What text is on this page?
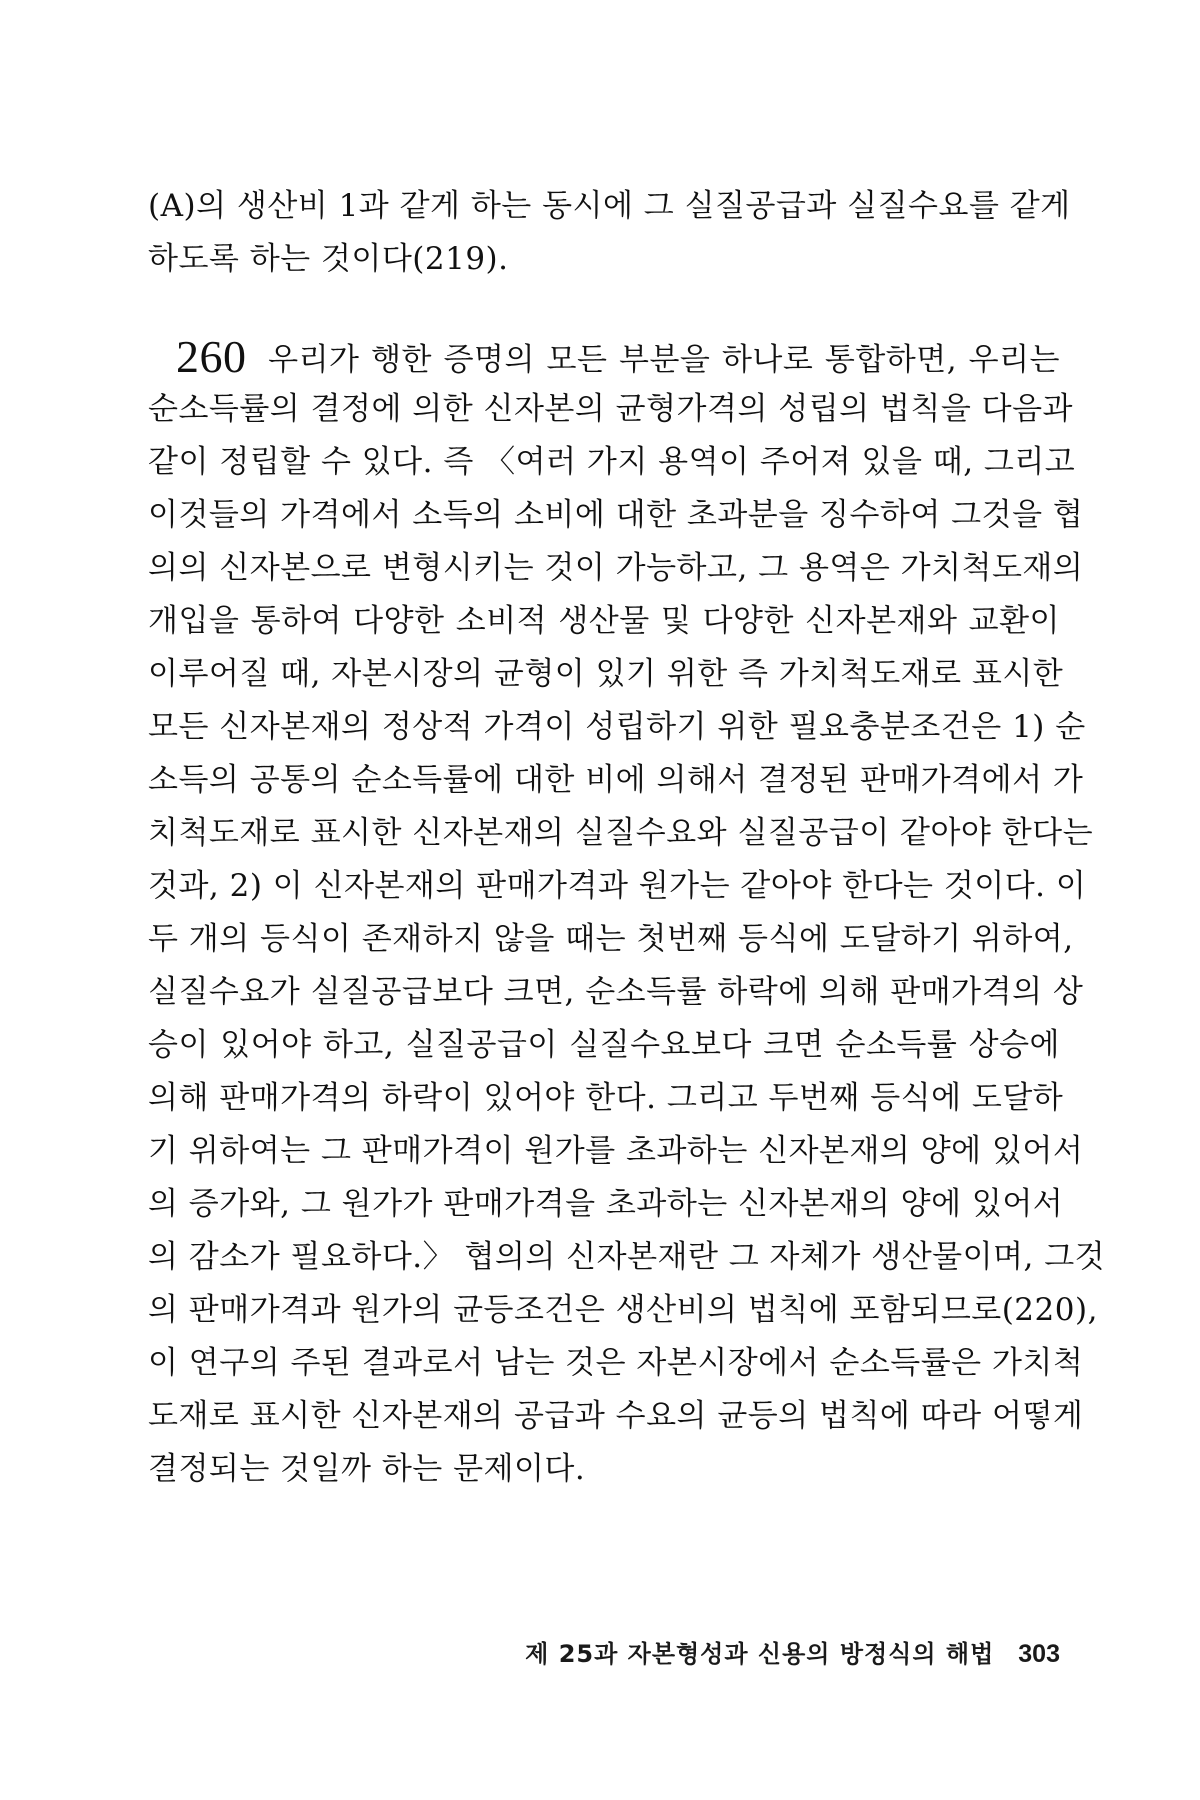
(A)의 생산비 1과 같게 하는 동시에 그 실질공급과 실질수요를 같게
하도록 하는 것이다(219).
260 우리가 행한 증명의 모든 부분을 하나로 통합하면, 우리는
순소득률의 결정에 의한 신자본의 균형가격의 성립의 법칙을 다음과
같이 정립할 수 있다. 즉 〈여러 가지 용역이 주어져 있을 때, 그리고
이것들의 가격에서 소득의 소비에 대한 초과분을 징수하여 그것을 협
의의 신자본으로 변형시키는 것이 가능하고, 그 용역은 가치척도재의
개입을 통하여 다양한 소비적 생산물 및 다양한 신자본재와 교환이
이루어질 때, 자본시장의 균형이 있기 위한 즉 가치척도재로 표시한
모든 신자본재의 정상적 가격이 성립하기 위한 필요충분조건은 1) 순
소득의 공통의 순소득률에 대한 비에 의해서 결정된 판매가격에서 가
치척도재로 표시한 신자본재의 실질수요와 실질공급이 같아야 한다는
것과, 2) 이 신자본재의 판매가격과 원가는 같아야 한다는 것이다. 이
두 개의 등식이 존재하지 않을 때는 첫번째 등식에 도달하기 위하여,
실질수요가 실질공급보다 크면, 순소득률 하락에 의해 판매가격의 상
승이 있어야 하고, 실질공급이 실질수요보다 크면 순소득률 상승에
의해 판매가격의 하락이 있어야 한다. 그리고 두번째 등식에 도달하
기 위하여는 그 판매가격이 원가를 초과하는 신자본재의 양에 있어서
의 증가와, 그 원가가 판매가격을 초과하는 신자본재의 양에 있어서
의 감소가 필요하다.〉 협의의 신자본재란 그 자체가 생산물이며, 그것
의 판매가격과 원가의 균등조건은 생산비의 법칙에 포함되므로(220),
이 연구의 주된 결과로서 남는 것은 자본시장에서 순소득률은 가치척
도재로 표시한 신자본재의 공급과 수요의 균등의 법칙에 따라 어떻게
결정되는 것일까 하는 문제이다.
제 25과 자본형성과 신용의 방정식의 해법 303
